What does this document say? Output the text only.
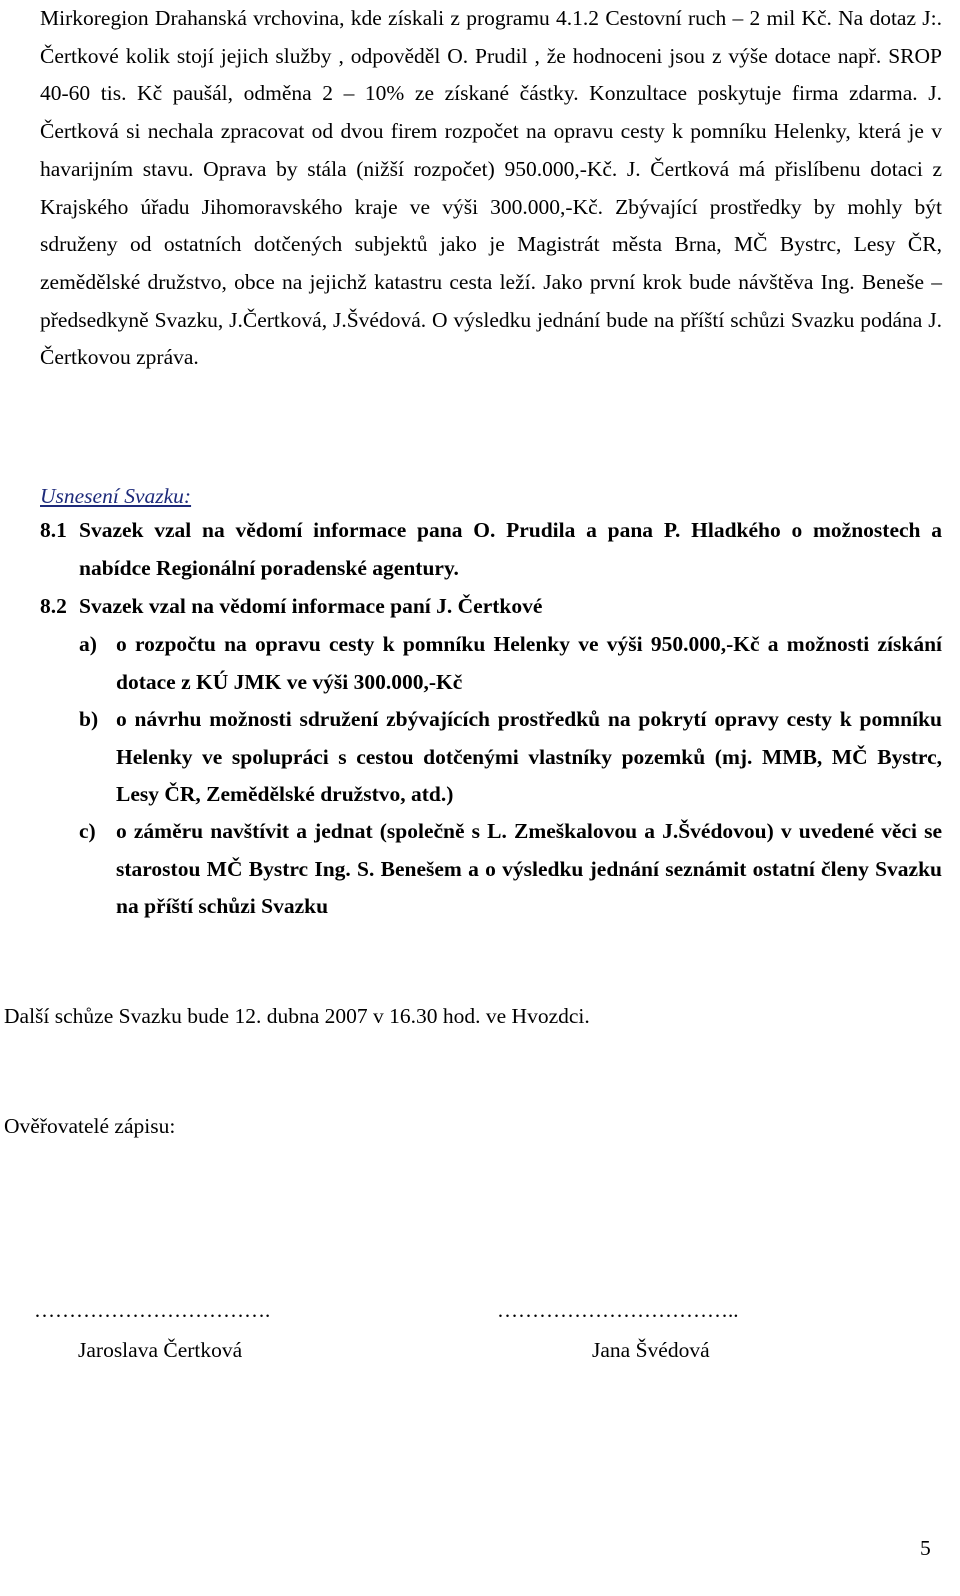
Mirkoregion Drahanská vrchovina, kde získali z programu 4.1.2 Cestovní ruch – 2 mil Kč. Na dotaz J:. Čertkové kolik stojí jejich služby , odpověděl O. Prudil , že hodnoceni jsou z výše dotace např. SROP 40-60 tis. Kč paušál, odměna 2 – 10% ze získané částky. Konzultace poskytuje firma zdarma. J. Čertková si nechala zpracovat od dvou firem rozpočet na opravu cesty k pomníku Helenky, která je v havarijním stavu. Oprava by stála (nižší rozpočet) 950.000,-Kč. J. Čertková má přislíbenu dotaci z Krajského úřadu Jihomoravského kraje ve výši 300.000,-Kč. Zbývající prostředky by mohly být sdruženy od ostatních dotčených subjektů jako je Magistrát města Brna, MČ Bystrc, Lesy ČR, zemědělské družstvo, obce na jejichž katastru cesta leží. Jako první krok bude návštěva Ing. Beneše – předsedkyně Svazku, J.Čertková, J.Švédová. O výsledku jednání bude na příští schůzi Svazku podána J. Čertkovou zpráva.
Usnesení Svazku:
8.1 Svazek vzal na vědomí informace pana O. Prudila a pana P. Hladkého o možnostech a nabídce Regionální poradenské agentury.
8.2 Svazek vzal na vědomí informace paní J. Čertkové
a) o rozpočtu na opravu cesty k pomníku Helenky ve výši 950.000,-Kč a možnosti získání dotace z KÚ JMK ve výši 300.000,-Kč
b) o návrhu možnosti sdružení zbývajících prostředků na pokrytí opravy cesty k pomníku Helenky ve spolupráci s cestou dotčenými vlastníky pozemků (mj. MMB, MČ Bystrc, Lesy ČR, Zemědělské družstvo, atd.)
c) o záměru navštívit a jednat (společně s L. Zmeškalovou a J.Švédovou) v uvedené věci se starostou MČ Bystrc Ing. S. Benešem a o výsledku jednání seznámit ostatní členy Svazku na příští schůzi Svazku
Další schůze Svazku bude 12. dubna 2007 v 16.30 hod. ve Hvozdci.
Ověřovatelé zápisu:
…………………………….	……………………………..
Jaroslava Čertková	Jana Švédová
5
